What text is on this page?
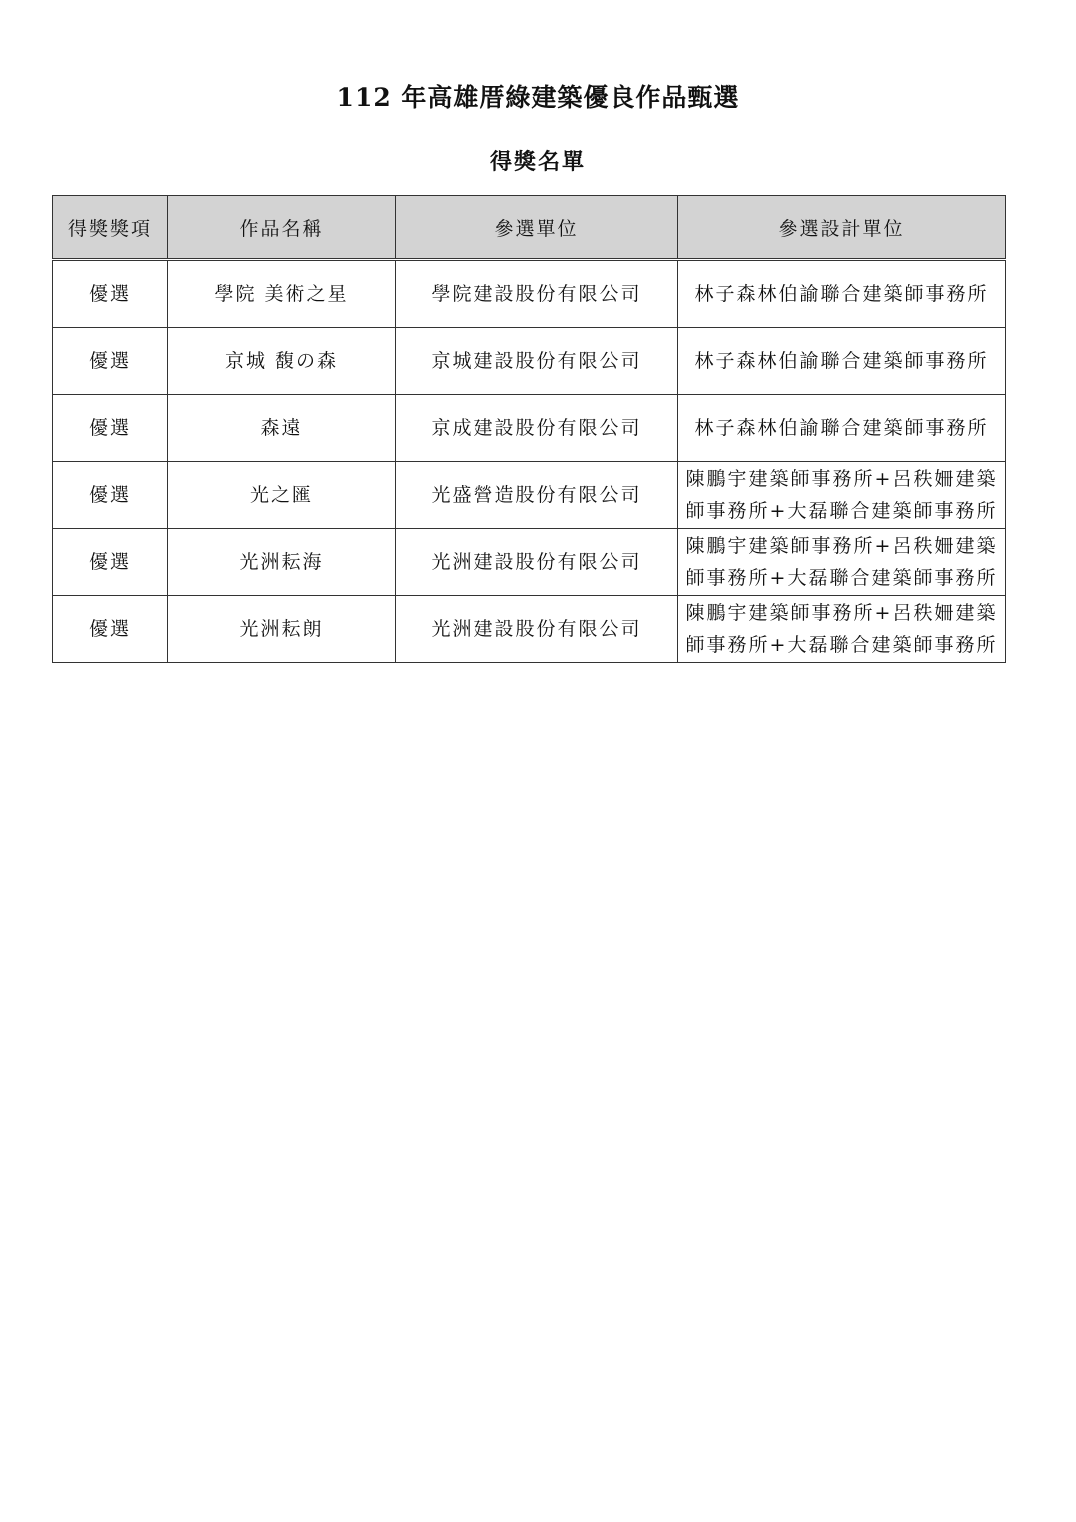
112 年高雄厝綠建築優良作品甄選
得獎名單
得獎獎項	作品名稱	參選單位	參選設計單位
優選	學院 美術之星	學院建設股份有限公司	林子森林伯諭聯合建築師事務所
優選	京城 馥の森	京城建設股份有限公司	林子森林伯諭聯合建築師事務所
優選	森遠	京成建設股份有限公司	林子森林伯諭聯合建築師事務所
優選	光之匯	光盛營造股份有限公司	陳鵬宇建築師事務所+呂秩姍建築師事務所+大磊聯合建築師事務所
優選	光洲耘海	光洲建設股份有限公司	陳鵬宇建築師事務所+呂秩姍建築師事務所+大磊聯合建築師事務所
優選	光洲耘朗	光洲建設股份有限公司	陳鵬宇建築師事務所+呂秩姍建築師事務所+大磊聯合建築師事務所
